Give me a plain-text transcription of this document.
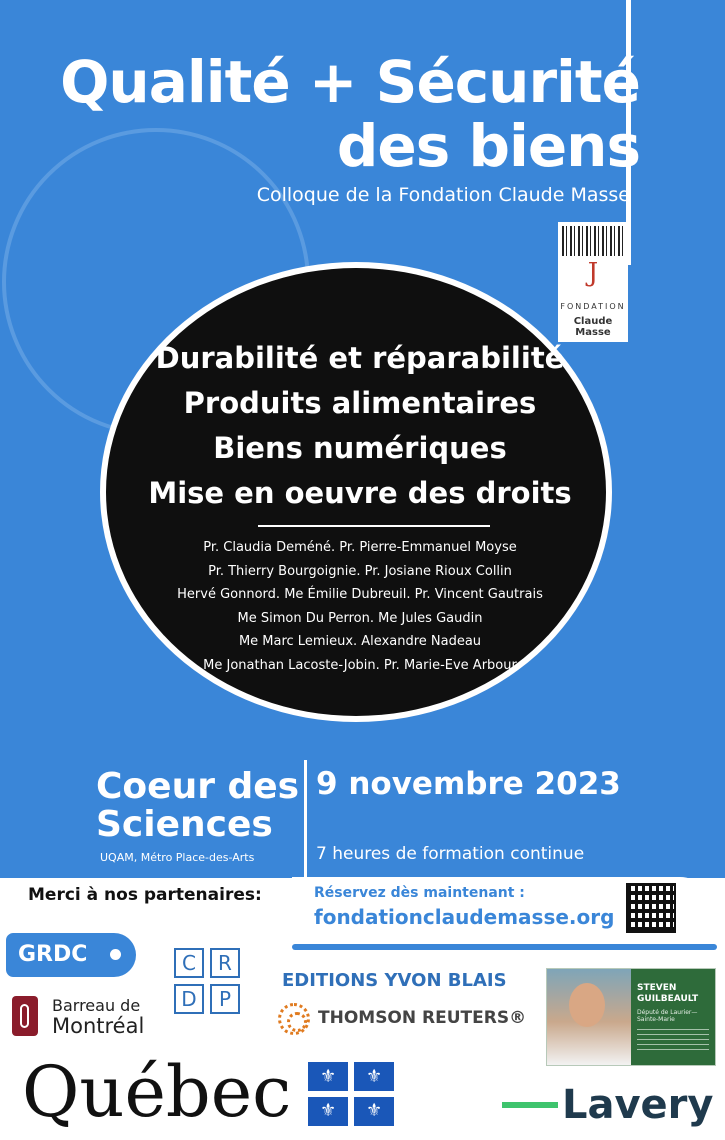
Qualité + Sécurité
des biens
Colloque de la Fondation Claude Masse
J
FONDATION
Claude Masse
Durabilité et réparabilité
Produits alimentaires
Biens numériques
Mise en oeuvre des droits
Pr. Claudia Deméné. Pr. Pierre-Emmanuel Moyse
Pr. Thierry Bourgoignie. Pr. Josiane Rioux Collin
Hervé Gonnord. Me Émilie Dubreuil. Pr. Vincent Gautrais
Me Simon Du Perron. Me Jules Gaudin
Me Marc Lemieux. Alexandre Nadeau
Me Jonathan Lacoste-Jobin. Pr. Marie-Eve Arbour
Coeur des
Sciences
UQAM, Métro Place-des-Arts
9 novembre 2023
7 heures de formation continue
Merci à nos partenaires:	Réservez dès maintenant :
fondationclaudemasse.org
GRDC	C	R
D	P
Barreau de
Montréal
EDITIONS YVON BLAIS
THOMSON REUTERS®
STEVEN
GUILBEAULT
Député de Laurier—Sainte-Marie
Québec ⚜ ⚜
⚜ ⚜	Lavery
